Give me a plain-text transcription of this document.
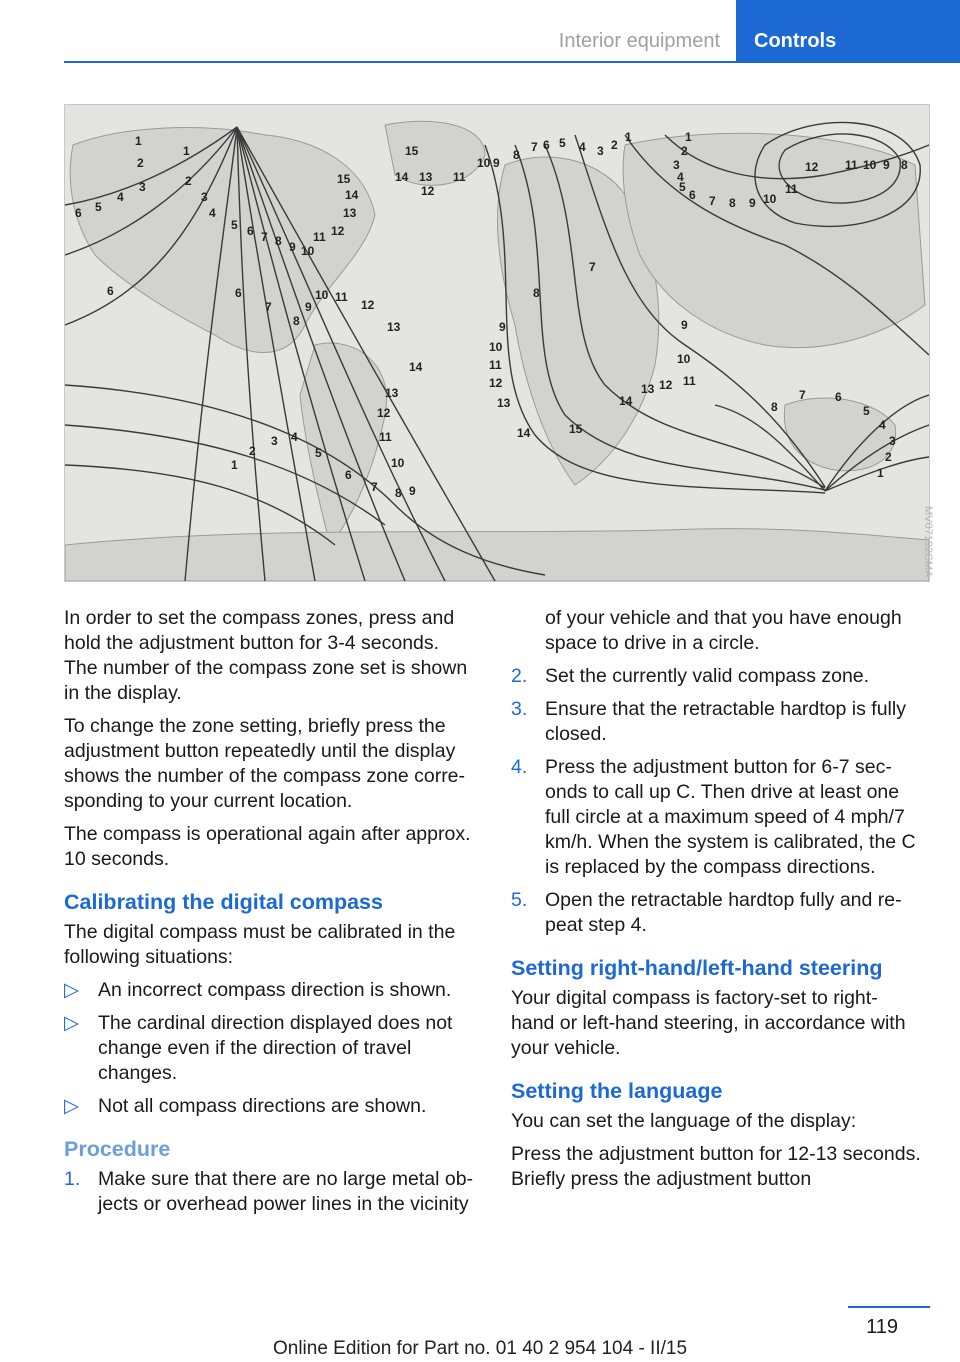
Interior equipment	Controls
1
2
3
1
2
3
6 5
4
4
5 6 7 8 9 10
11 12
13
14
15
6	6
7
8
9
10 11
12
13
14
13
12
11
10
9
8
7
6
5
4
3
2
1
15
14 13
12
11
10 9
8
7 6 5 4 3 2
1	1
2
3
4
5
6 7 8 9 10
11
12 11 10 9 8
7
8
9
10
11
12
13
14	15
14
13 12 11
10
9
8
7 6
5
4
3
2
1
MV07192CMA

In order to set the compass zones, press and hold the adjustment button for 3-4 seconds. The number of the compass zone set is shown in the display.

To change the zone setting, briefly press the adjustment button repeatedly until the display shows the number of the compass zone corresponding to your current location.

The compass is operational again after approx. 10 seconds.

Calibrating the digital compass

The digital compass must be calibrated in the following situations:

▷ An incorrect compass direction is shown.
▷ The cardinal direction displayed does not change even if the direction of travel changes.
▷ Not all compass directions are shown.
Procedure
1. Make sure that there are no large metal objects or overhead power lines in the vicinity
of your vehicle and that you have enough space to drive in a circle.
2. Set the currently valid compass zone.
3. Ensure that the retractable hardtop is fully closed.
4. Press the adjustment button for 6-7 seconds to call up C. Then drive at least one full circle at a maximum speed of 4 mph/7 km/h. When the system is calibrated, the C is replaced by the compass directions.
5. Open the retractable hardtop fully and repeat step 4.
Setting right-hand/left-hand steering

Your digital compass is factory-set to right-hand or left-hand steering, in accordance with your vehicle.

Setting the language

You can set the language of the display:

Press the adjustment button for 12-13 seconds. Briefly press the adjustment button

119
Online Edition for Part no. 01 40 2 954 104 - II/15
